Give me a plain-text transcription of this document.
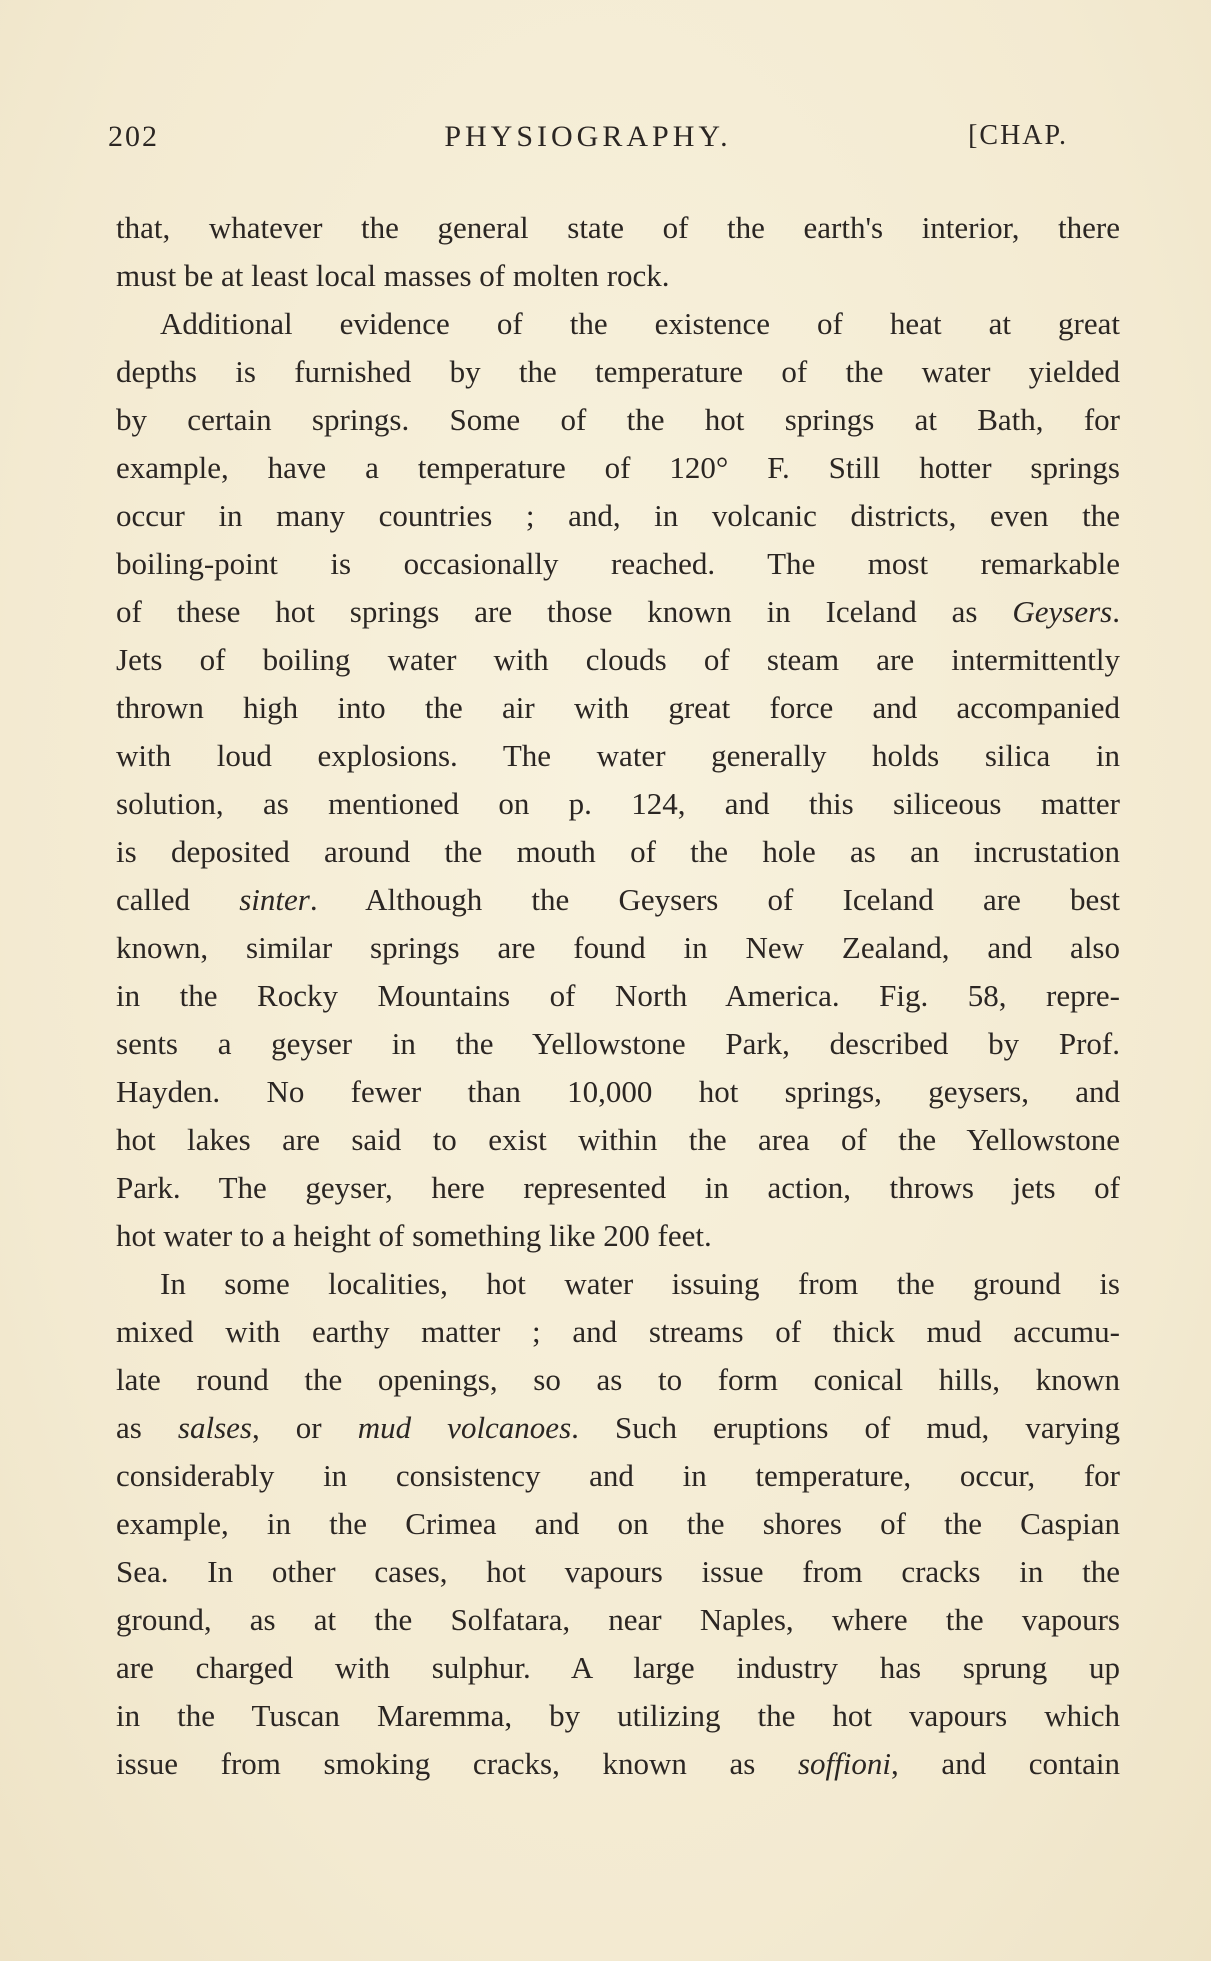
202	PHYSIOGRAPHY.	[CHAP.
that, whatever the general state of the earth's interior, there
must be at least local masses of molten rock.
Additional evidence of the existence of heat at great
depths is furnished by the temperature of the water yielded
by certain springs. Some of the hot springs at Bath, for
example, have a temperature of 120° F. Still hotter springs
occur in many countries ; and, in volcanic districts, even the
boiling-point is occasionally reached. The most remarkable
of these hot springs are those known in Iceland as Geysers.
Jets of boiling water with clouds of steam are intermittently
thrown high into the air with great force and accompanied
with loud explosions. The water generally holds silica in
solution, as mentioned on p. 124, and this siliceous matter
is deposited around the mouth of the hole as an incrustation
called sinter. Although the Geysers of Iceland are best
known, similar springs are found in New Zealand, and also
in the Rocky Mountains of North America. Fig. 58, repre-
sents a geyser in the Yellowstone Park, described by Prof.
Hayden. No fewer than 10,000 hot springs, geysers, and
hot lakes are said to exist within the area of the Yellowstone
Park. The geyser, here represented in action, throws jets of
hot water to a height of something like 200 feet.
In some localities, hot water issuing from the ground is
mixed with earthy matter ; and streams of thick mud accumu-
late round the openings, so as to form conical hills, known
as salses, or mud volcanoes. Such eruptions of mud, varying
considerably in consistency and in temperature, occur, for
example, in the Crimea and on the shores of the Caspian
Sea. In other cases, hot vapours issue from cracks in the
ground, as at the Solfatara, near Naples, where the vapours
are charged with sulphur. A large industry has sprung up
in the Tuscan Maremma, by utilizing the hot vapours which
issue from smoking cracks, known as soffioni, and contain
